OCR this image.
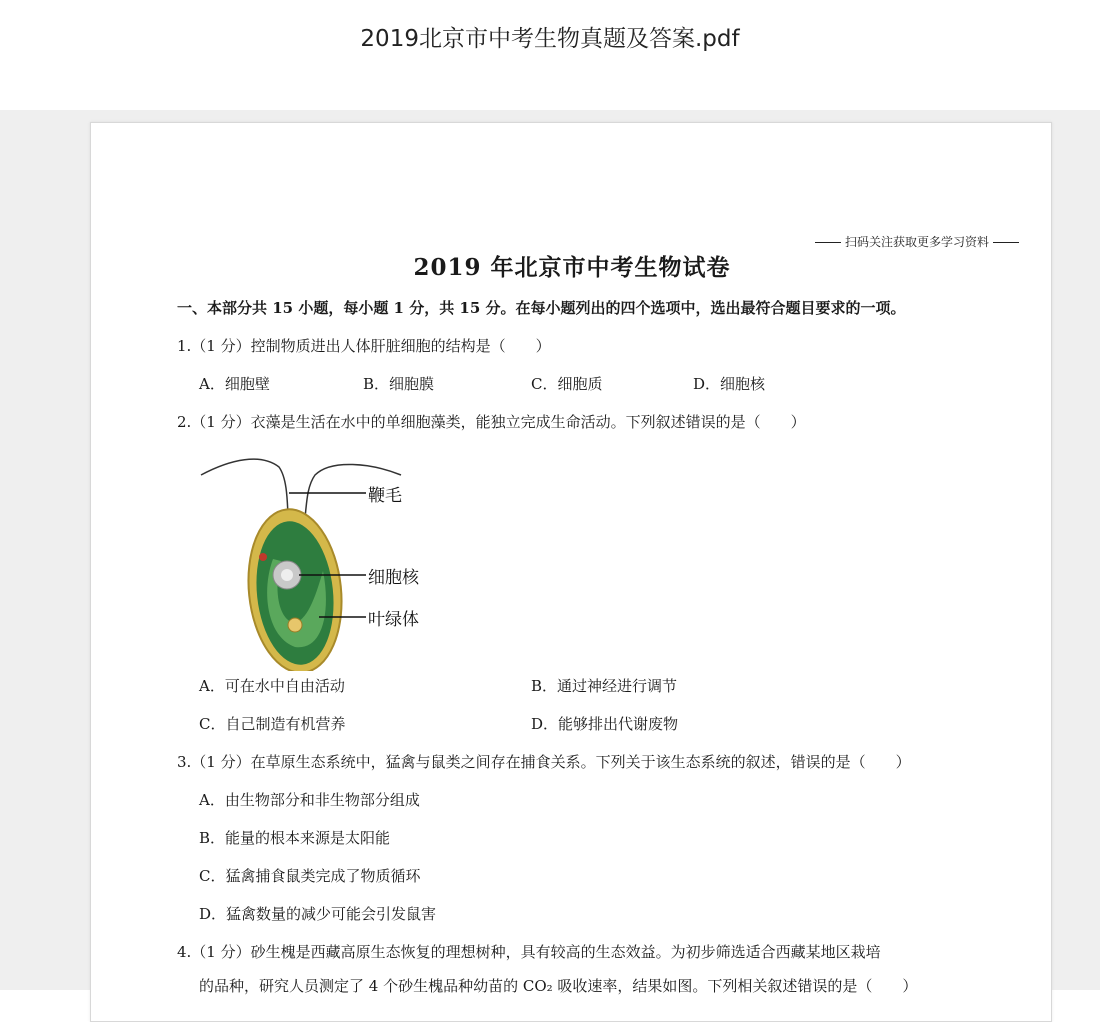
2019北京市中考生物真题及答案.pdf
扫码关注获取更多学习资料
2019 年北京市中考生物试卷
一、本部分共 15 小题，每小题 1 分，共 15 分。在每小题列出的四个选项中，选出最符合题目要求的一项。
1.（1 分）控制物质进出人体肝脏细胞的结构是（　　）
A．细胞壁	B．细胞膜	C．细胞质	D．细胞核
2.（1 分）衣藻是生活在水中的单细胞藻类，能独立完成生命活动。下列叙述错误的是（　　）
鞭毛
细胞核
叶绿体
A．可在水中自由活动	B．通过神经进行调节
C．自己制造有机营养	D．能够排出代谢废物
3.（1 分）在草原生态系统中，猛禽与鼠类之间存在捕食关系。下列关于该生态系统的叙述，错误的是（　　）
A．由生物部分和非生物部分组成
B．能量的根本来源是太阳能
C．猛禽捕食鼠类完成了物质循环
D．猛禽数量的减少可能会引发鼠害
4.（1 分）砂生槐是西藏高原生态恢复的理想树种，具有较高的生态效益。为初步筛选适合西藏某地区栽培
的品种，研究人员测定了 4 个砂生槐品种幼苗的 CO₂ 吸收速率，结果如图。下列相关叙述错误的是（　　）
